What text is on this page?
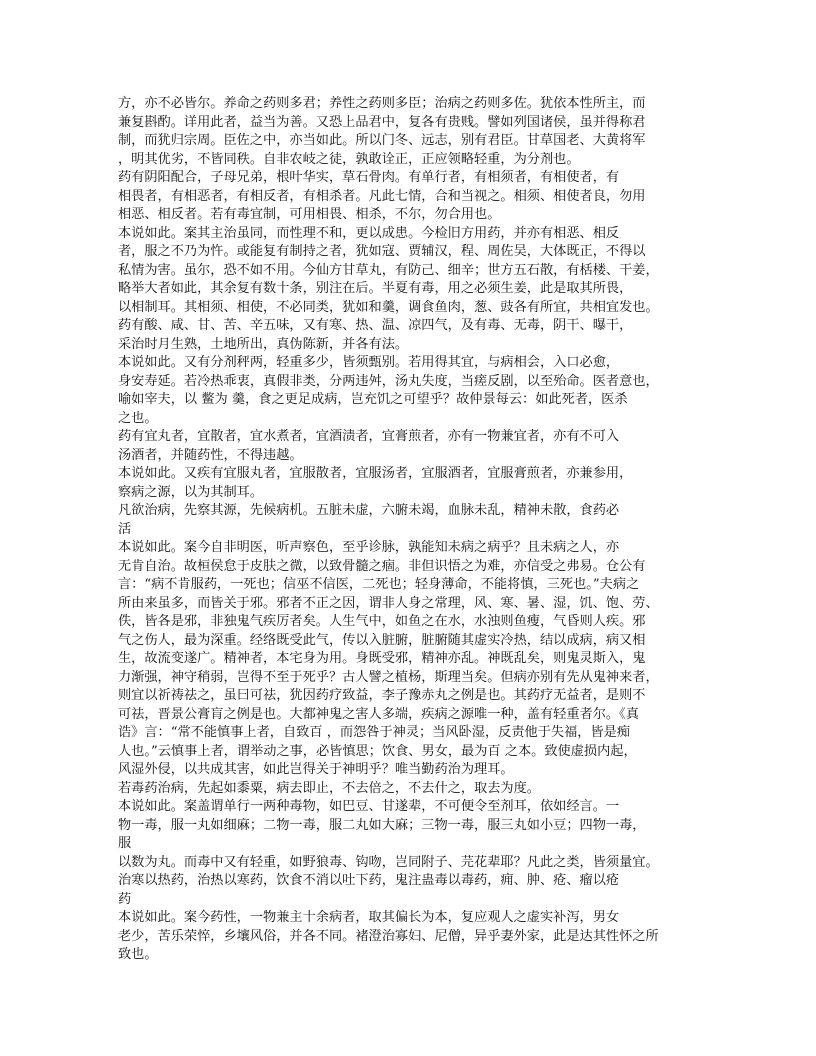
方，亦不必皆尔。养命之药则多君；养性之药则多臣；治病之药则多佐。犹依本性所主，而
兼复斟酌。详用此者，益当为善。又恐上品君中，复各有贵贱。譬如列国诸侯，虽并得称君
制，而犹归宗周。臣佐之中，亦当如此。所以门冬、远志，别有君臣。甘草国老、大黄将军
，明其优劣，不皆同秩。自非农岐之徒，孰敢诠正，正应领略轻重，为分剂也。
药有阴阳配合，子母兄弟，根叶华实，草石骨肉。有单行者，有相须者，有相使者，有
相畏者，有相恶者，有相反者，有相杀者。凡此七情，合和当视之。相须、相使者良，勿用
相恶、相反者。若有毒宜制，可用相畏、相杀，不尔，勿合用也。
本说如此。案其主治虽同，而性理不和，更以成患。今检旧方用药，并亦有相恶、相反
者，服之不乃为忤。或能复有制持之者，犹如寇、贾辅汉，程、周佐吴，大体既正，不得以
私情为害。虽尔，恐不如不用。今仙方甘草丸，有防己、细辛；世方五石散，有栝楼、干姜，
略举大者如此，其余复有数十条，别注在后。半夏有毒，用之必须生姜，此是取其所畏，
以相制耳。其相须、相使，不必同类，犹如和羹，调食鱼肉，葱、豉各有所宜，共相宜发也。
药有酸、咸、甘、苦、辛五味，又有寒、热、温、凉四气，及有毒、无毒，阴干、曝干，
采治时月生熟，土地所出，真伪陈新，并各有法。
本说如此。又有分剂秤两，轻重多少，皆须甄别。若用得其宜，与病相会，入口必愈，
身安寿延。若冷热乖衷，真假非类，分两违舛，汤丸失度，当瘥反剧，以至殆命。医者意也，
喻如宰夫，以 鳖为 羹，食之更足成病，岂充饥之可望乎？故仲景每云：如此死者，医杀
之也。
药有宜丸者，宜散者，宜水煮者，宜酒渍者，宜膏煎者，亦有一物兼宜者，亦有不可入
汤酒者，并随药性，不得违越。
本说如此。又疾有宜服丸者，宜服散者，宜服汤者，宜服酒者，宜服膏煎者，亦兼参用，
察病之源，以为其制耳。
凡欲治病，先察其源，先候病机。五脏未虚，六腑未竭，血脉未乱，精神未散，食药必
活
本说如此。案今自非明医，听声察色，至乎诊脉，孰能知未病之病乎？且未病之人，亦
无肯自治。故桓侯怠于皮肤之微，以致骨髓之痼。非但识悟之为难，亦信受之弗易。仓公有
言：“病不肯服药，一死也；信巫不信医，二死也；轻身薄命，不能将慎，三死也。”夫病之
所由来虽多，而皆关于邪。邪者不正之因，谓非人身之常理，风、寒、暑、湿，饥、饱、劳、
佚，皆各是邪，非独鬼气疾厉者矣。人生气中，如鱼之在水，水浊则鱼瘦，气昏则人疾。邪
气之伤人，最为深重。经络既受此气，传以入脏腑，脏腑随其虚实冷热，结以成病，病又相
生，故流变遂广。精神者，本宅身为用。身既受邪，精神亦乱。神既乱矣，则鬼灵斯入，鬼
力渐强，神守稍弱，岂得不至于死乎？古人譬之植杨，斯理当矣。但病亦别有先从鬼神来者，
则宜以祈祷祛之，虽曰可祛，犹因药疗致益，李子豫赤丸之例是也。其药疗无益者，是则不
可祛，晋景公膏肓之例是也。大都神鬼之害人多端，疾病之源唯一种，盖有轻重者尔。《真
诰》言：“常不能慎事上者，自致百 ，而怨咎于神灵；当风卧湿，反责他于失福，皆是痴
人也。”云慎事上者，谓举动之事，必皆慎思；饮食、男女，最为百 之本。致使虚损内起，
风湿外侵，以共成其害，如此岂得关于神明乎？唯当勤药治为理耳。
若毒药治病，先起如黍粟，病去即止，不去倍之，不去什之，取去为度。
本说如此。案盖谓单行一两种毒物，如巴豆、甘遂辈，不可便令至剂耳，依如经言。一
物一毒，服一丸如细麻；二物一毒，服二丸如大麻；三物一毒，服三丸如小豆；四物一毒，
服
以数为丸。而毒中又有轻重，如野狼毒、钩吻，岂同附子、芫花辈耶？凡此之类，皆须量宜。
治寒以热药，治热以寒药，饮食不消以吐下药，鬼注蛊毒以毒药，痈、肿、疮、瘤以疮
药
本说如此。案今药性，一物兼主十余病者，取其偏长为本，复应观人之虚实补泻，男女
老少，苦乐荣悴，乡壤风俗，并各不同。褚澄治寡妇、尼僧，异乎妻外家，此是达其性怀之所
致也。
